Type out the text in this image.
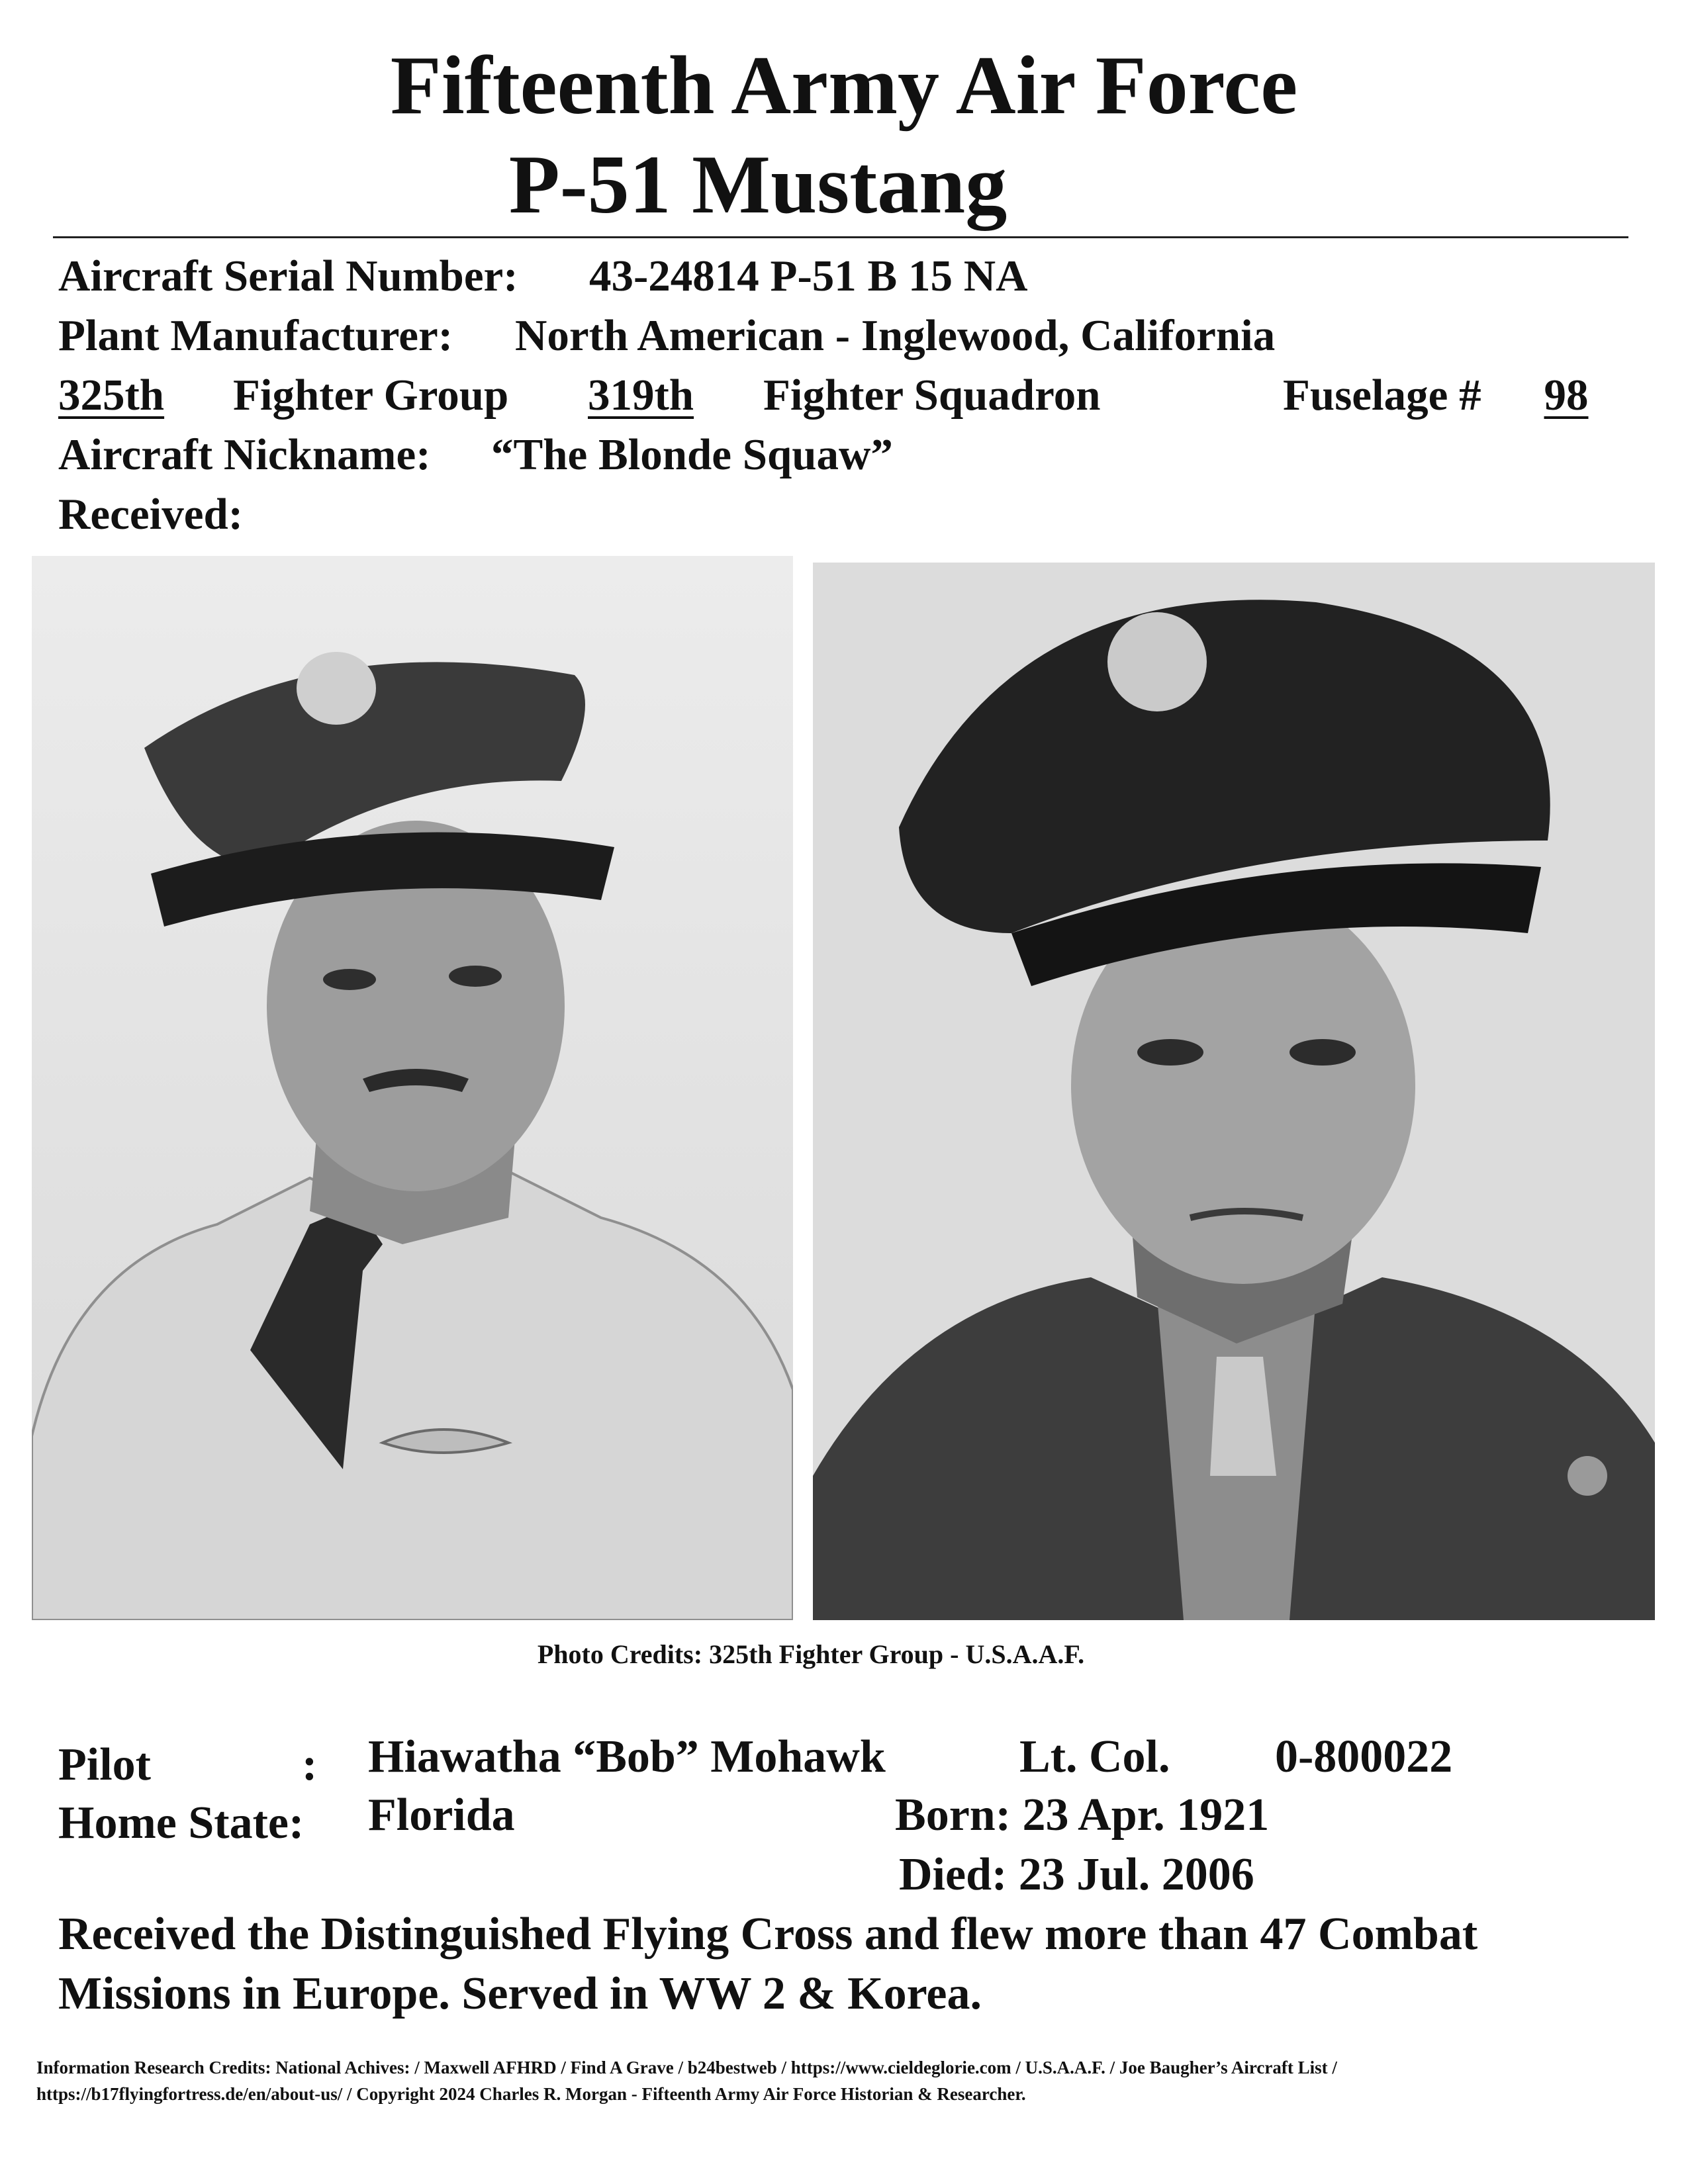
Fifteenth Army Air Force
P-51 Mustang
Aircraft Serial Number: 43-24814 P-51 B 15 NA
Plant Manufacturer: North American - Inglewood, California
325th	Fighter Group 319th	Fighter Squadron	Fuselage #	98
Aircraft Nickname: “The Blonde Squaw”
Received:
Photo Credits: 325th Fighter Group - U.S.A.A.F.
Pilot	: Hiawatha “Bob” Mohawk	Lt. Col. 0-800022
Home State: Florida	Born: 23 Apr. 1921
Died: 23 Jul. 2006
Received the Distinguished Flying Cross and flew more than 47 Combat
Missions in Europe. Served in WW 2 & Korea.
Information Research Credits: National Achives: / Maxwell AFHRD / Find A Grave / b24bestweb / https://www.cieldeglorie.com / U.S.A.A.F. / Joe Baugher’s Aircraft List /
https://b17flyingfortress.de/en/about-us/ / Copyright 2024 Charles R. Morgan - Fifteenth Army Air Force Historian & Researcher.
